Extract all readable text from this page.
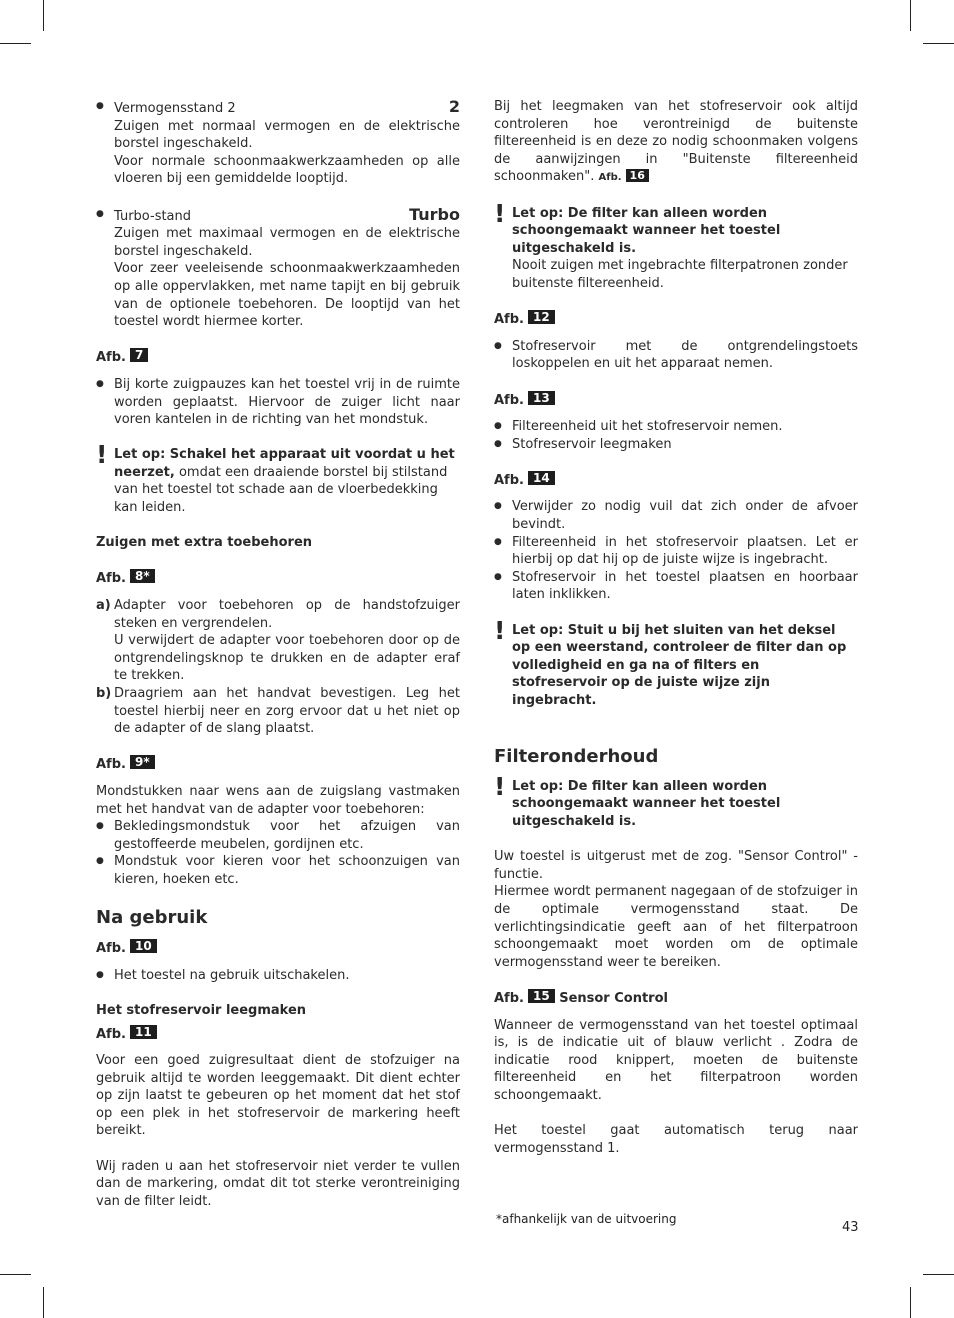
● Vermogensstand 2	2

Zuigen met normaal vermogen en de elektrische borstel ingeschakeld.

Voor normale schoonmaakwerkzaamheden op alle vloeren bij een gemiddelde looptijd.

● Turbo-stand	Turbo

Zuigen met maximaal vermogen en de elektrische borstel ingeschakeld.

Voor zeer veeleisende schoonmaakwerkzaamheden op alle oppervlakken, met name tapijt en bij gebruik van de optionele toebehoren. De looptijd van het toestel wordt hiermee korter.

Afb. 7

● Bij korte zuigpauzes kan het toestel vrij in de ruimte worden geplaatst. Hiervoor de zuiger licht naar voren kantelen in de richting van het mondstuk.
! Let op: Schakel het apparaat uit voordat u het neerzet, omdat een draaiende borstel bij stilstand van het toestel tot schade aan de vloerbedekking kan leiden.

Zuigen met extra toebehoren

Afb. 8*

a) Adapter voor toebehoren op de handstofzuiger steken en vergrendelen.

U verwijdert de adapter voor toebehoren door op de ontgrendelingsknop te drukken en de adapter eraf te trekken.

b) Draagriem aan het handvat bevestigen. Leg het toestel hierbij neer en zorg ervoor dat u het niet op de adapter of de slang plaatst.

Afb. 9*

Mondstukken naar wens aan de zuigslang vastmaken met het handvat van de adapter voor toebehoren:

● Bekledingsmondstuk voor het afzuigen van gestoffeerde meubelen, gordijnen etc.
● Mondstuk voor kieren voor het schoonzuigen van kieren, hoeken etc.

Na gebruik

Afb. 10

● Het toestel na gebruik uitschakelen.

Het stofreservoir leegmaken

Afb. 11

Voor een goed zuigresultaat dient de stofzuiger na gebruik altijd te worden leeggemaakt. Dit dient echter op zijn laatst te gebeuren op het moment dat het stof op een plek in het stofreservoir de markering heeft bereikt.

Wij raden u aan het stofreservoir niet verder te vullen dan de markering, omdat dit tot sterke verontreiniging van de filter leidt.

Bij het leegmaken van het stofreservoir ook altijd controleren hoe verontreinigd de buitenste filtereenheid is en deze zo nodig schoonmaken volgens de aanwijzingen in "Buitenste filtereenheid schoonmaken". Afb. 16

! Let op: De filter kan alleen worden schoongemaakt wanneer het toestel uitgeschakeld is.
Nooit zuigen met ingebrachte filterpatronen zonder buitenste filtereenheid.

Afb. 12

● Stofreservoir met de ontgrendelingstoets loskoppelen en uit het apparaat nemen.

Afb. 13

● Filtereenheid uit het stofreservoir nemen.
● Stofreservoir leegmaken

Afb. 14

● Verwijder zo nodig vuil dat zich onder de afvoer bevindt.
● Filtereenheid in het stofreservoir plaatsen. Let er hierbij op dat hij op de juiste wijze is ingebracht.
● Stofreservoir in het toestel plaatsen en hoorbaar laten inklikken.
! Let op: Stuit u bij het sluiten van het deksel op een weerstand, controleer de filter dan op volledigheid en ga na of filters en stofreservoir op de juiste wijze zijn ingebracht.

Filteronderhoud

! Let op: De filter kan alleen worden schoongemaakt wanneer het toestel uitgeschakeld is.

Uw toestel is uitgerust met de zog. "Sensor Control" - functie.

Hiermee wordt permanent nagegaan of de stofzuiger in de optimale vermogensstand staat. De verlichtingsindicatie geeft aan of het filterpatroon schoongemaakt moet worden om de optimale vermogensstand weer te bereiken.

Afb. 15 Sensor Control

Wanneer de vermogensstand van het toestel optimaal is, is de indicatie uit of blauw verlicht . Zodra de indicatie rood knippert, moeten de buitenste filtereenheid en het filterpatroon worden schoongemaakt.

Het toestel gaat automatisch terug naar vermogensstand 1.

*afhankelijk van de uitvoering
43
